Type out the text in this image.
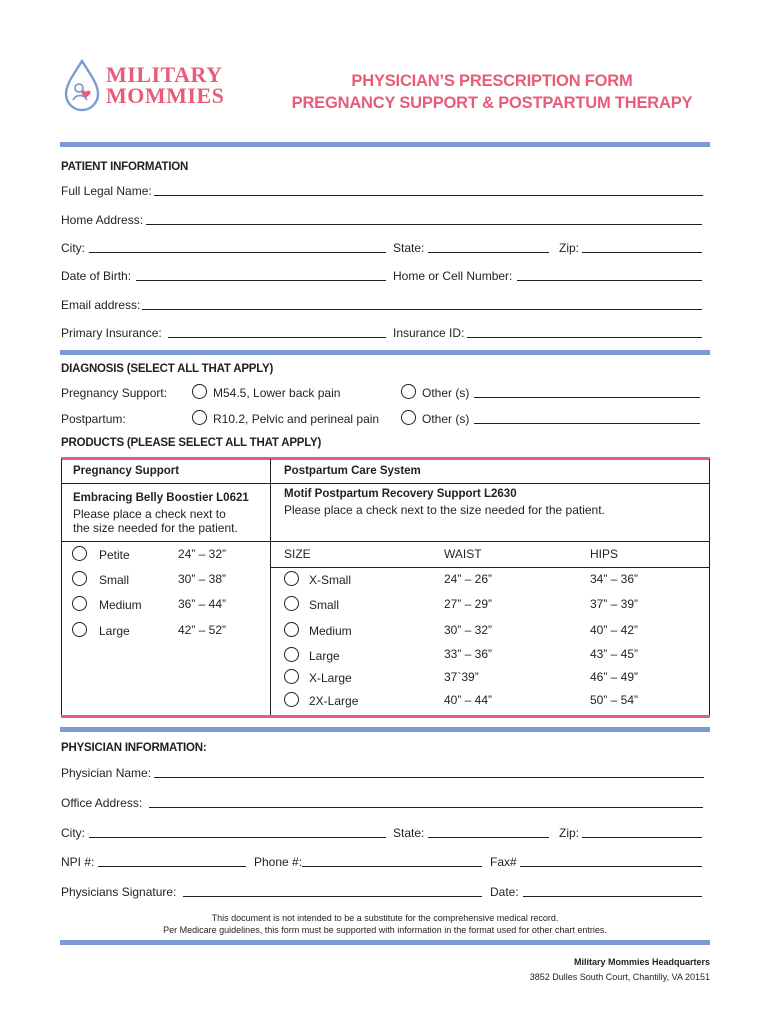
MILITARY
MOMMIES
PHYSICIAN’S PRESCRIPTION FORM
PREGNANCY SUPPORT & POSTPARTUM THERAPY
PATIENT INFORMATION
Full Legal Name:
Home Address:
City:	State:	Zip:
Date of Birth:	Home or Cell Number:
Email address:
Primary Insurance:	Insurance ID:
DIAGNOSIS (SELECT ALL THAT APPLY)
Pregnancy Support:	M54.5, Lower back pain	Other (s)
Postpartum:	R10.2, Pelvic and perineal pain	Other (s)
PRODUCTS (PLEASE SELECT ALL THAT APPLY)
Pregnancy Support	Postpartum Care System
Embracing Belly Boostier L0621
Please place a check next to
the size needed for the patient.
Motif Postpartum Recovery Support L2630
Please place a check next to the size needed for the patient.
Petite	24” – 32”
Small	30” – 38”
Medium	36” – 44”
Large	42” – 52”
SIZE	WAIST	HIPS
X-Small	24” – 26”	34” – 36”
Small	27” – 29”	37” – 39”
Medium	30” – 32”	40” – 42”
Large	33” – 36”	43” – 45”
X-Large	37`39”	46” – 49”
2X-Large	40” – 44”	50” – 54”
PHYSICIAN INFORMATION:
Physician Name:
Office Address:
City:	State:	Zip:
NPI #:	Phone #:	Fax#
Physicians Signature:	Date:
This document is not intended to be a substitute for the comprehensive medical record.
Per Medicare guidelines, this form must be supported with information in the format used for other chart entries.
Military Mommies Headquarters
3852 Dulles South Court, Chantilly, VA 20151
